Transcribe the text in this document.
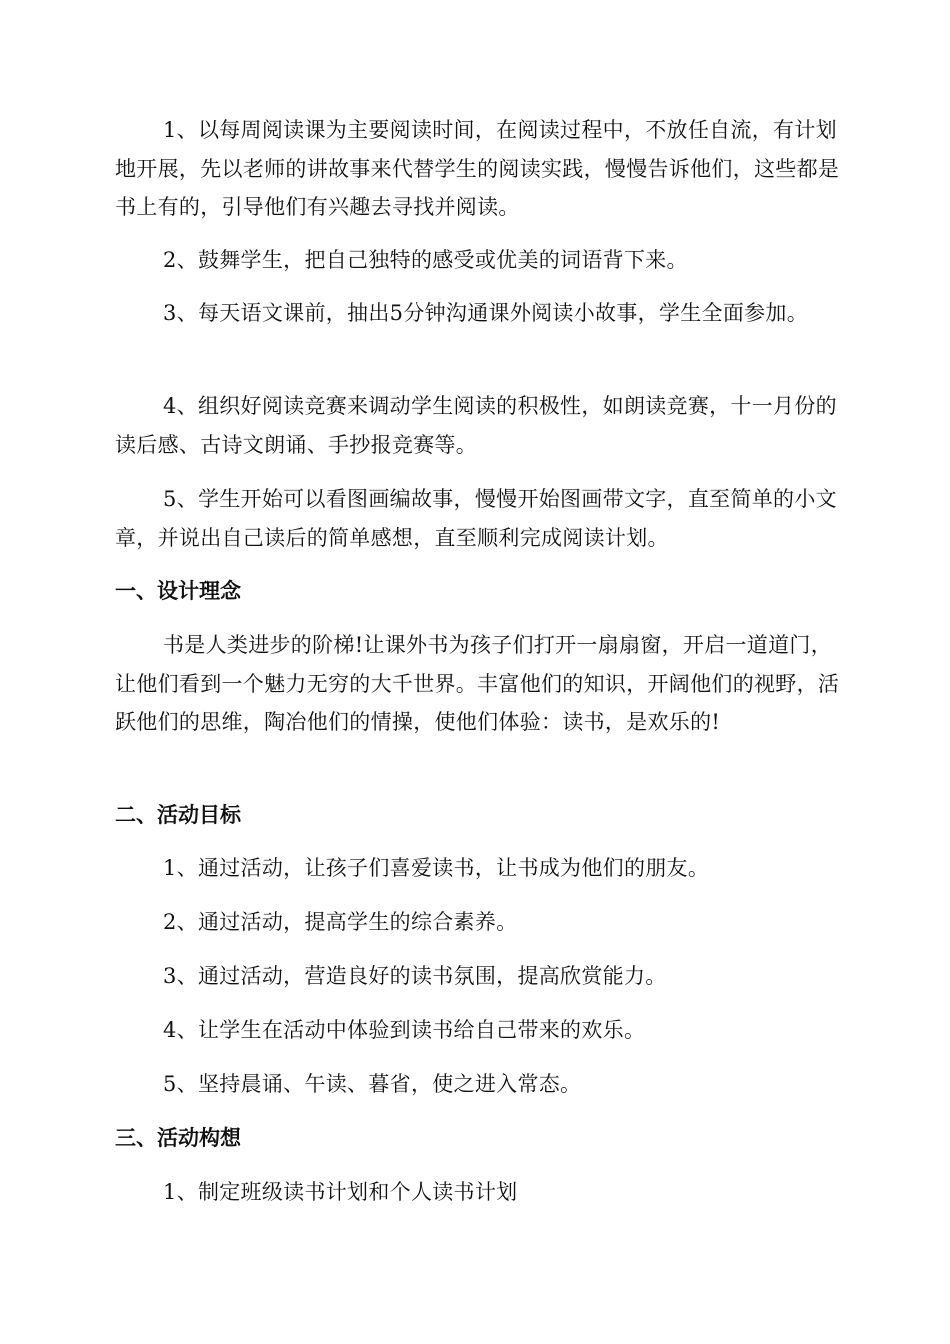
1、以每周阅读课为主要阅读时间，在阅读过程中，不放任自流，有计划地开展，先以老师的讲故事来代替学生的阅读实践，慢慢告诉他们，这些都是书上有的，引导他们有兴趣去寻找并阅读。

2、鼓舞学生，把自己独特的感受或优美的词语背下来。

3、每天语文课前，抽出5分钟沟通课外阅读小故事，学生全面参加。

4、组织好阅读竞赛来调动学生阅读的积极性，如朗读竞赛，十一月份的读后感、古诗文朗诵、手抄报竞赛等。

5、学生开始可以看图画编故事，慢慢开始图画带文字，直至简单的小文章，并说出自己读后的简单感想，直至顺利完成阅读计划。

一、设计理念

书是人类进步的阶梯!让课外书为孩子们打开一扇扇窗，开启一道道门，让他们看到一个魅力无穷的大千世界。丰富他们的知识，开阔他们的视野，活跃他们的思维，陶冶他们的情操，使他们体验：读书，是欢乐的!

二、活动目标

1、通过活动，让孩子们喜爱读书，让书成为他们的朋友。

2、通过活动，提高学生的综合素养。

3、通过活动，营造良好的读书氛围，提高欣赏能力。

4、让学生在活动中体验到读书给自己带来的欢乐。

5、坚持晨诵、午读、暮省，使之进入常态。

三、活动构想

1、制定班级读书计划和个人读书计划
